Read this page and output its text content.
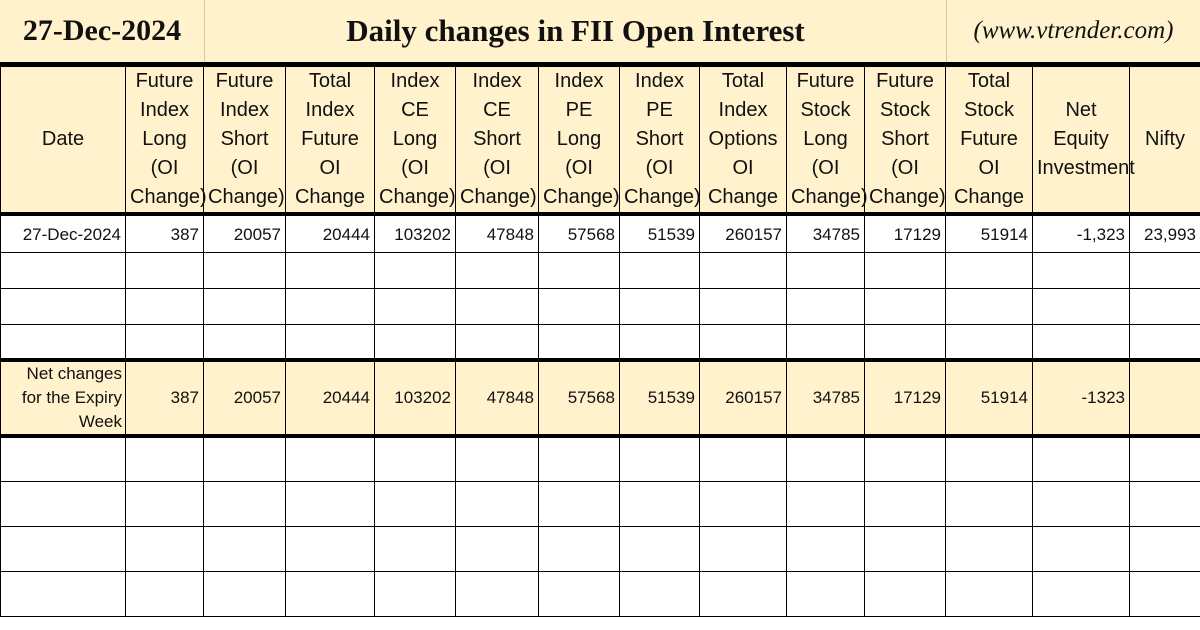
27-Dec-2024	Daily changes in FII Open Interest	(www.vtrender.com)
Date	Future Index Long (OI Change)	Future Index Short (OI Change)	Total Index Future OI Change	Index CE Long (OI Change)	Index CE Short (OI Change)	Index PE Long (OI Change)	Index PE Short (OI Change)	Total Index Options OI Change	Future Stock Long (OI Change)	Future Stock Short (OI Change)	Total Stock Future OI Change	Net Equity Investment	Nifty
27-Dec-2024	387	20057	20444	103202	47848	57568	51539	260157	34785	17129	51914	-1,323	23,993

Net changes for the Expiry Week	387	20057	20444	103202	47848	57568	51539	260157	34785	17129	51914	-1323	
